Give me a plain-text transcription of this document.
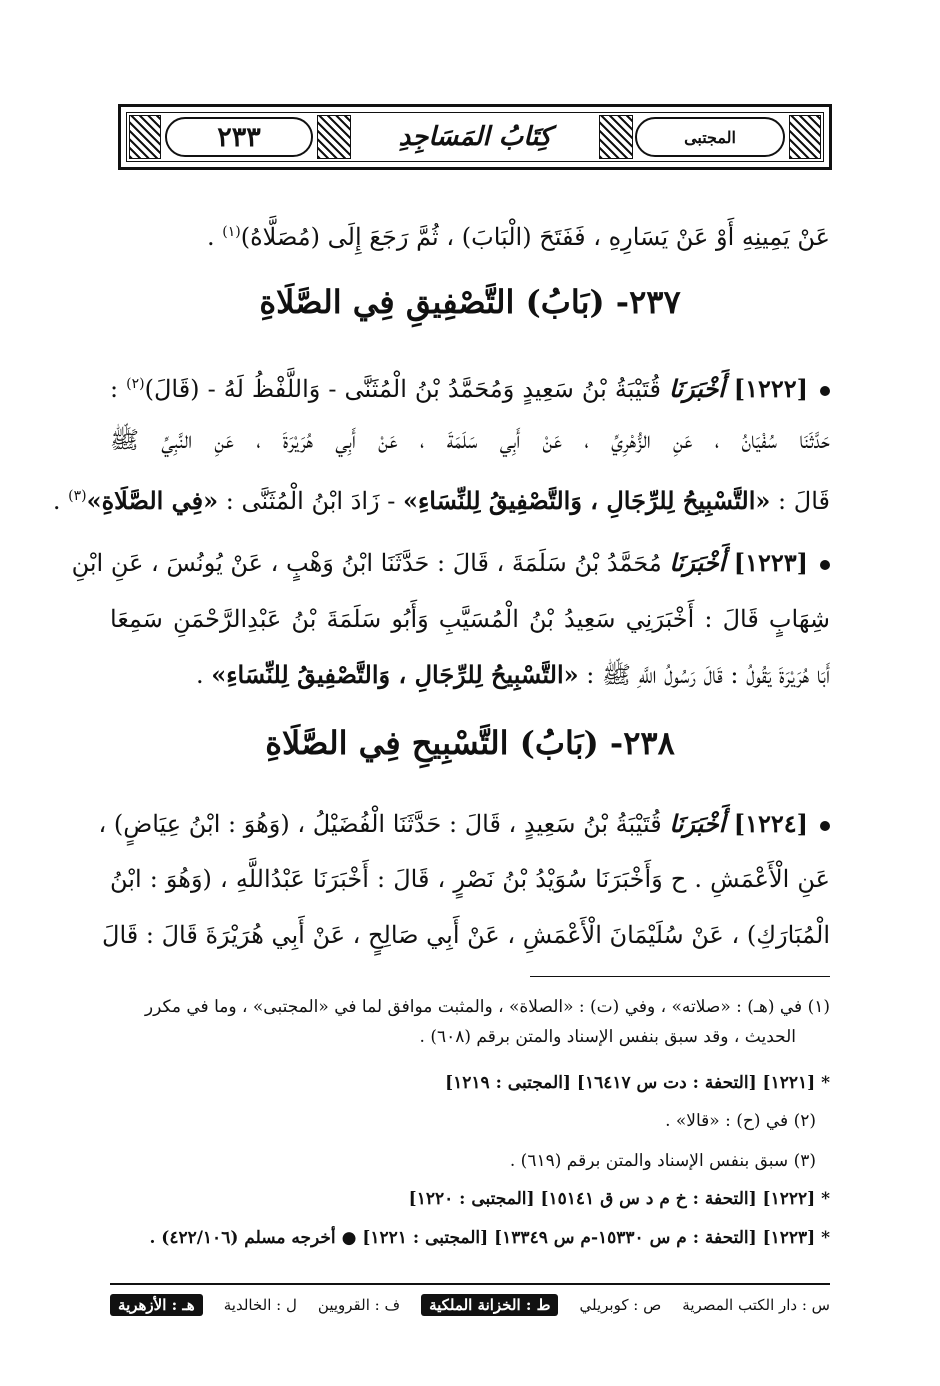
٢٣٣	كِتَابُ المَسَاجِدِ	المجتبى
عَنْ يَمِينِهِ أَوْ عَنْ يَسَارِهِ ، فَفَتَحَ (الْبَابَ) ، ثُمَّ رَجَعَ إِلَى (مُصَلَّاهُ)$^{(١)}$ .
٢٣٧- (بَابُ) التَّصْفِيقِ فِي الصَّلَاةِ
[١٢٢٢] أَخْبَرَنَا قُتَيْبَةُ بْنُ سَعِيدٍ وَمُحَمَّدُ بْنُ الْمُثَنَّى - وَاللَّفْظُ لَهُ - (قَالَ)$^{(٢)}$ :
حَدَّثَنَا سُفْيَانُ ، عَنِ الزُّهْرِيِّ ، عَنْ أَبِي سَلَمَةَ ، عَنْ أَبِي هُرَيْرَةَ ، عَنِ النَّبِيِّ ﷺ
قَالَ : «التَّسْبِيحُ لِلرِّجَالِ ، وَالتَّصْفِيقُ لِلنِّسَاءِ» - زَادَ ابْنُ الْمُثَنَّى : «فِي الصَّلَاةِ»$^{(٣)}$ .
[١٢٢٣] أَخْبَرَنَا مُحَمَّدُ بْنُ سَلَمَةَ ، قَالَ : حَدَّثَنَا ابْنُ وَهْبٍ ، عَنْ يُونُسَ ، عَنِ ابْنِ
شِهَابٍ قَالَ : أَخْبَرَنِي سَعِيدُ بْنُ الْمُسَيَّبِ وَأَبُو سَلَمَةَ بْنُ عَبْدِالرَّحْمَنِ سَمِعَا
أَبَا هُرَيْرَةَ يَقُولُ : قَالَ رَسُولُ اللَّهِ ﷺ : «التَّسْبِيحُ لِلرِّجَالِ ، وَالتَّصْفِيقُ لِلنِّسَاءِ» .
٢٣٨- (بَابُ) التَّسْبِيحِ فِي الصَّلَاةِ
[١٢٢٤] أَخْبَرَنَا قُتَيْبَةُ بْنُ سَعِيدٍ ، قَالَ : حَدَّثَنَا الْفُضَيْلُ ، (وَهُوَ : ابْنُ عِيَاضٍ) ،
عَنِ الْأَعْمَشِ . ح وَأَخْبَرَنَا سُوَيْدُ بْنُ نَصْرٍ ، قَالَ : أَخْبَرَنَا عَبْدُاللَّهِ ، (وَهُوَ : ابْنُ
الْمُبَارَكِ) ، عَنْ سُلَيْمَانَ الْأَعْمَشِ ، عَنْ أَبِي صَالِحٍ ، عَنْ أَبِي هُرَيْرَةَ قَالَ : قَالَ
(١) في (هـ) : «صلاته» ، وفي (ت) : «الصلاة» ، والمثبت موافق لما في «المجتبى» ، وما في مكرر
الحديث ، وقد سبق بنفس الإسناد والمتن برقم (٦٠٨) .
* [١٢٢١] [التحفة : دت س ١٦٤١٧] [المجتبى : ١٢١٩]
(٢) في (ح) : «قالا» .
(٣) سبق بنفس الإسناد والمتن برقم (٦١٩) .
* [١٢٢٢] [التحفة : خ م د س ق ١٥١٤١] [المجتبى : ١٢٢٠]
* [١٢٢٣] [التحفة : م س ١٥٣٣٠-م س ١٣٣٤٩] [المجتبى : ١٢٢١] ● أخرجه مسلم (٤٢٢/١٠٦) .
س : دار الكتب المصرية
ص : كوبريلي
ط : الخزانة الملكية
ف : القرويين
ل : الخالدية
هـ : الأزهرية
